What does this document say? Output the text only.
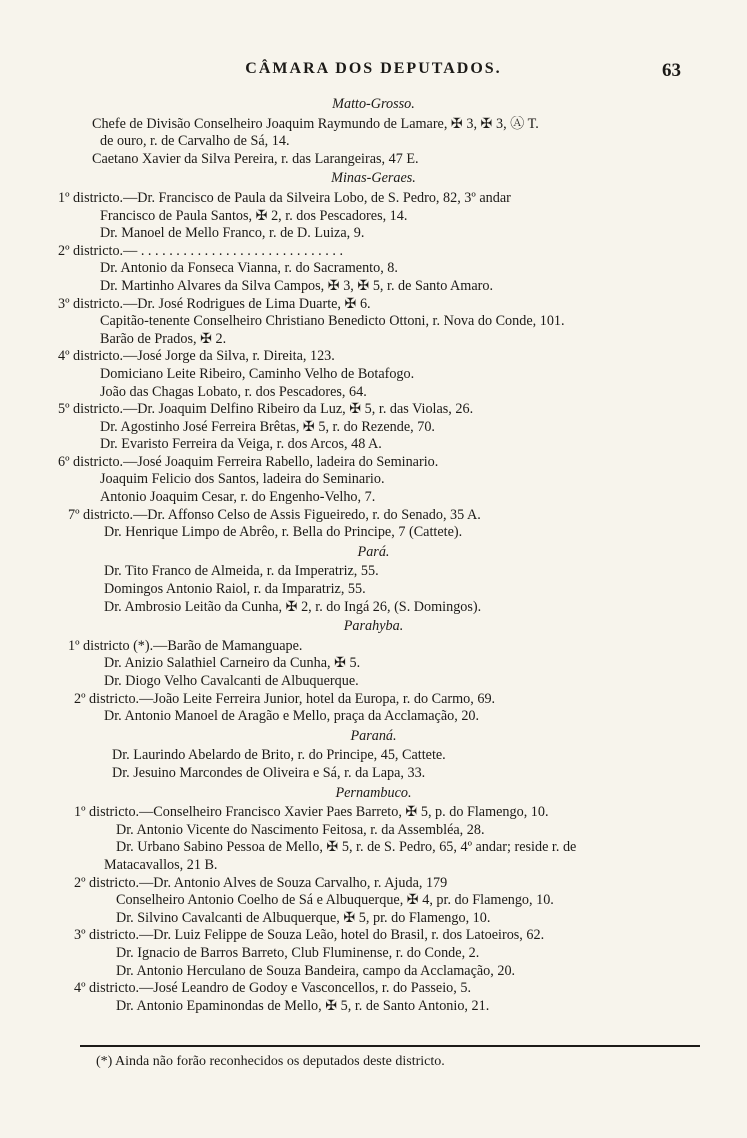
CÂMARA DOS DEPUTADOS.	63
Matto-Grosso.
Chefe de Divisão Conselheiro Joaquim Raymundo de Lamare, ✠ 3, ✠ 3, Ⓐ T.
de ouro, r. de Carvalho de Sá, 14.
Caetano Xavier da Silva Pereira, r. das Larangeiras, 47 E.
Minas-Geraes.
1º districto.—Dr. Francisco de Paula da Silveira Lobo, de S. Pedro, 82, 3º andar
Francisco de Paula Santos, ✠ 2, r. dos Pescadores, 14.
Dr. Manoel de Mello Franco, r. de D. Luiza, 9.
2º districto.— . . . . . . . . . . . . . . . . . . . . . . . . . . . . .
Dr. Antonio da Fonseca Vianna, r. do Sacramento, 8.
Dr. Martinho Alvares da Silva Campos, ✠ 3, ✠ 5, r. de Santo Amaro.
3º districto.—Dr. José Rodrigues de Lima Duarte, ✠ 6.
Capitão-tenente Conselheiro Christiano Benedicto Ottoni, r. Nova do Conde, 101.
Barão de Prados, ✠ 2.
4º districto.—José Jorge da Silva, r. Direita, 123.
Domiciano Leite Ribeiro, Caminho Velho de Botafogo.
João das Chagas Lobato, r. dos Pescadores, 64.
5º districto.—Dr. Joaquim Delfino Ribeiro da Luz, ✠ 5, r. das Violas, 26.
Dr. Agostinho José Ferreira Brêtas, ✠ 5, r. do Rezende, 70.
Dr. Evaristo Ferreira da Veiga, r. dos Arcos, 48 A.
6º districto.—José Joaquim Ferreira Rabello, ladeira do Seminario.
Joaquim Felicio dos Santos, ladeira do Seminario.
Antonio Joaquim Cesar, r. do Engenho-Velho, 7.
7º districto.—Dr. Affonso Celso de Assis Figueiredo, r. do Senado, 35 A.
Dr. Henrique Limpo de Abrêo, r. Bella do Principe, 7 (Cattete).
Pará.
Dr. Tito Franco de Almeida, r. da Imperatriz, 55.
Domingos Antonio Raiol, r. da Imparatriz, 55.
Dr. Ambrosio Leitão da Cunha, ✠ 2, r. do Ingá 26, (S. Domingos).
Parahyba.
1º districto (*).—Barão de Mamanguape.
Dr. Anizio Salathiel Carneiro da Cunha, ✠ 5.
Dr. Diogo Velho Cavalcanti de Albuquerque.
2º districto.—João Leite Ferreira Junior, hotel da Europa, r. do Carmo, 69.
Dr. Antonio Manoel de Aragão e Mello, praça da Acclamação, 20.
Paraná.
Dr. Laurindo Abelardo de Brito, r. do Principe, 45, Cattete.
Dr. Jesuino Marcondes de Oliveira e Sá, r. da Lapa, 33.
Pernambuco.
1º districto.—Conselheiro Francisco Xavier Paes Barreto, ✠ 5, p. do Flamengo, 10.
Dr. Antonio Vicente do Nascimento Feitosa, r. da Assembléa, 28.
Dr. Urbano Sabino Pessoa de Mello, ✠ 5, r. de S. Pedro, 65, 4º andar; reside r. de
Matacavallos, 21 B.
2º districto.—Dr. Antonio Alves de Souza Carvalho, r. Ajuda, 179
Conselheiro Antonio Coelho de Sá e Albuquerque, ✠ 4, pr. do Flamengo, 10.
Dr. Silvino Cavalcanti de Albuquerque, ✠ 5, pr. do Flamengo, 10.
3º districto.—Dr. Luiz Felippe de Souza Leão, hotel do Brasil, r. dos Latoeiros, 62.
Dr. Ignacio de Barros Barreto, Club Fluminense, r. do Conde, 2.
Dr. Antonio Herculano de Souza Bandeira, campo da Acclamação, 20.
4º districto.—José Leandro de Godoy e Vasconcellos, r. do Passeio, 5.
Dr. Antonio Epaminondas de Mello, ✠ 5, r. de Santo Antonio, 21.
(*) Ainda não forão reconhecidos os deputados deste districto.
